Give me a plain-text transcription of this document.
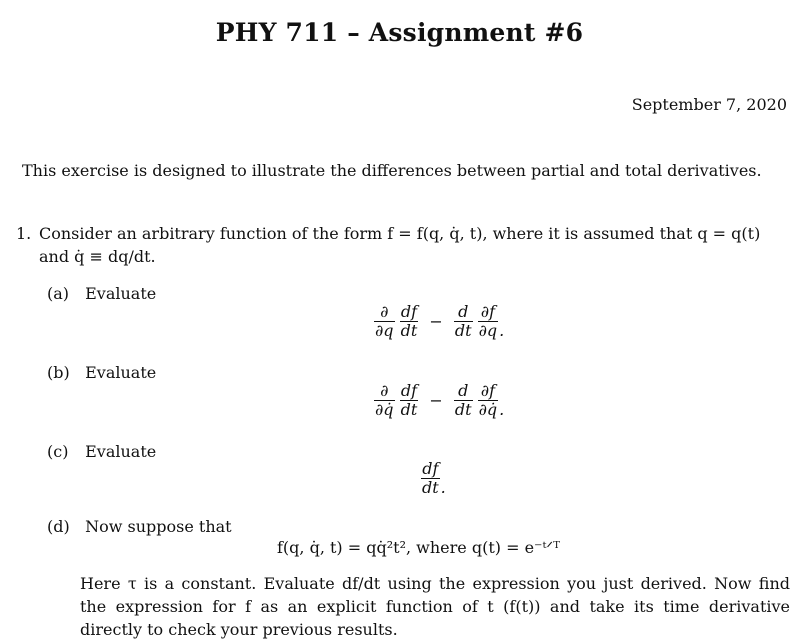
PHY 711 – Assignment #6
September 7, 2020
This exercise is designed to illustrate the differences between partial and total derivatives.
1. Consider an arbitrary function of the form f = f(q, q̇, t), where it is assumed that q = q(t) and q̇ ≡ dq/dt.
(a) Evaluate
$\frac{\partial}{\partial q}$
$\frac{df}{dt} - \frac{d}{dt}$
$\frac{\partial f}{\partial q}$ .
(b) Evaluate
$\frac{\partial}{\partial q̇}$
$\frac{df}{dt} - \frac{d}{dt}$
$\frac{\partial f}{\partial q̇}$ .
(c) Evaluate
$\frac{df}{dt}$ .
(d) Now suppose that
f(q, q̇, t) = qq̇²t², where q(t) = e⁻ᵗᐟᵀ
Here τ is a constant. Evaluate df/dt using the expression you just derived. Now find the expression for f as an explicit function of t (f(t)) and take its time derivative directly to check your previous results.
